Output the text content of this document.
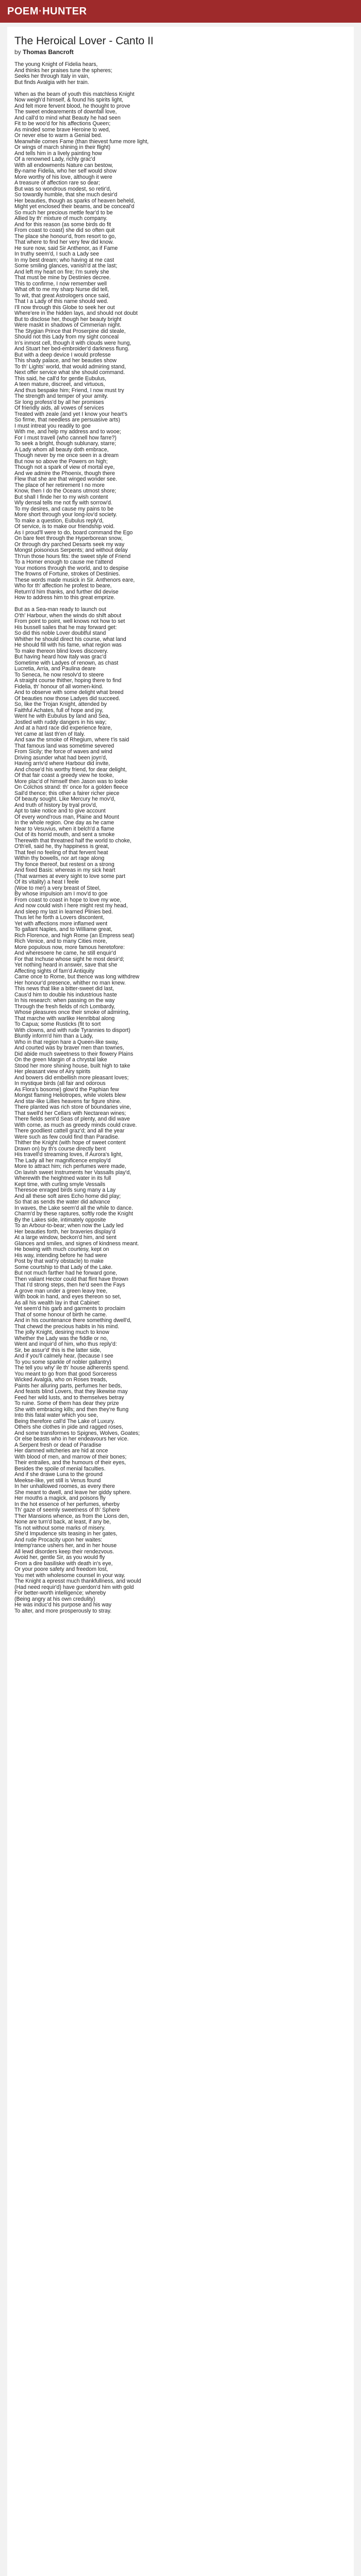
POEM·HUNTER
The Heroical Lover - Canto II

by Thomas Bancroft

The young Knight of Fidelia hears,
And thinks her praises tune the spheres;
Seeks her through Italy in vain,
But finds Avalgia with her train.
When as the beam of youth this matchless Knight
Now weigh'd himself, & found his spirits light,
And felt more fervent blood, he thought to prove
The sweet endearements of downfall love,
And call'd to mind what Beauty he had seen
Fit to be woo'd for his affections Queen;
As minded some brave Heroine to wed,
Or never else to warm a Genial bed.
Meanwhile comes Fame (than thievest fume more light,
Or wings of march shining in their flight)
And tells him in a lively painting how
Of a renowned Lady, richly grac'd
With all endowments Nature can bestow,
By-name Fidelia, who her self would show
More worthy of his love, although it were
A treasure of affection rare so dear;
But was so wondrous modest, so retir'd,
So towardly humble, that she much desir'd
Her beauties, though as sparks of heaven beheld,
Might yet enclosed their beams, and be conceal'd
So much her precious mettle fear'd to be
Allied by th' mixture of much company.
And for this reason (as some birds do fit
From coast to coast) she did so often quit
The place she honour'd, from resort to go,
That where to find her very few did know.
He sure now, said Sir Anthenor, as if Fame
In truthy seem'd, I such a Lady see
In my best dream; who having at me cast
Some smiling glances, vanish'd at the last;
And left my heart on fire; I'm surely she
That must be mine by Destinies decree.
This to confirme, I now remember well
What oft to me my sharp Nurse did tell,
To wit, that great Astrologers once said,
That I a Lady of this name should wed.
I'll now through this Globe to seek her out
Where'ere in the hidden lays, and should not doubt
But to disclose her, though her beauty bright
Were maskt in shadows of Cimmerian night.
The Stygian Prince that Proserpine did steale,
Should not this Lady from my sight conceal
In's inmost cell, though it with clouds were hung,
And Stuart her bed-embroider'd darkness flung.
But with a deep device I would professe
This shady palace, and her beauties show
To th' Lights' world, that would admiring stand,
Next offer service what she should command.
This said, he call'd for gentle Eubulus,
A teen mature, discreet, and virtuous,
And thus bespake him; Friend, I now must try
The strength and temper of your amity.
Sir long profess'd by all her promises
Of friendly aids, all vowes of services
Treated with zeale (and yet I know your heart's
So firme, that needless are persuasive arts)
I must intreat you readily to goe
With me, and help my address and to wooe;
For I must travell (who cannell how farre?)
To seek a bright, though sublunary, starre;
A Lady whom all beauty doth embrace,
Though never by me once seen in a dream
But now so above the Powers on high;
Though not a spark of view of mortal eye,
And we admire the Phoenix, though there
Flew that she are that winged wonder see.
The place of her retirement I no more
Know, then I do the Oceans utmost shore;
But shall I finde her to my wish content
Wly densal tells me not fly with sorrow'd.
To my desires, and cause my pains to be
More short through your long-lov'd society.
To make a question, Eubulus reply'd,
Of service, is to make our friendship void.
As I proud'll were to do, board command the Ego
On bare feet through the Hyperborean snow,
Or through dry parched Desarts seek my way
Mongst poisonous Serpents; and without delay
Th'run those hours fits: the sweet style of Friend
To a Homer enough to cause me t'attend
Your motions through the world, and to despise
The frowns of Fortune, strokes of Destinies.
These words made musick in Sir. Anthenors eare,
Who for th' affection he profest to beare,
Return'd him thanks, and further did devise
How to address him to this great emprize.
But as a Sea-man ready to launch out
O'th' Harbour, when the winds do shift about
From point to point, well knows not how to set
His bussell sailes that he may forward get:
So did this noble Lover doubtful stand
Whither he should direct his course, what land
He should fill with his fame, what region was
To make thereon blind loves discovery.
But having heard how Italy was grac'd
Sometime with Ladyes of renown, as chast
Lucretia, Arria, and Paulina deare
To Seneca, he now resolv'd to steere
A straight course thither, hoping there to find
Fidelia, th' honour of all women-kind.
And to observe with some delight what breed
Of beauties now those Ladyes did succeed.
So, like the Trojan Knight, attended by
Faithful Achates, full of hope and joy,
Went he with Eubulus by land and Sea,
Jostled with ruddy dangers in his way;
And at a hard race did experience feare,
Yet came at last th'en of Italy.
And saw the smoke of Rhegium, where t'is said
That famous land was sometime severed
From Sicily; the force of waves and wind
Driving asunder what had been joyn'd,
Having arriv'd where Harbour did invite,
And chose'd his worthy friend, for dear delight,
Of that fair coast a greedy view he tooke,
More plac'd of himself then Jason was to looke
On Colchos strand: th' once for a golden fleece
Sail'd thence; this other a fairer richer piece
Of beauty sought. Like Mercury he mov'd,
And truth of history by tryal prov'd,
Apt to take notice and to give account
Of every wond'rous man, Plaine and Mount
In the whole region. One day as he came
Near to Vesuvius, when it belch'd a flame
Out of its horrid mouth, and sent a smoke
Therewith that threatned half the world to choke,
O'th'ell, said he, thy happiness is great,
That feel no feeling of that fervent heat
Within thy bowells, nor art rage along
Thy fonce thereof, but restest on a strong
And fixed Basis: whereas in my sick heart
(That warmes at every sight to love some part
Of its vitality) a heat I feele
(Woe to me!) a very breast of Steel,
By whose impulsion am I mov'd to goe
From coast to coast in hope to love my woe,
And now could wish I here might rest my head,
And sleep my last in learned Plinies bed.
Thus let he forth a Lovers discontent,
Yet with affections more inflamed went
To gallant Naples, and to Williame great,
Rich Florence, and high Rome (an Empress seat)
Rich Venice, and to many Cities more,
More populous now, more famous heretofore:
And wheresoere he came, he still enquir'd
For that Inchuse whose sight he most desir'd;
Yet nothing heard in answer, save that she
Affecting sights of fam'd Antiquity
Came once to Rome, but thence was long withdrew
Her honour'd presence, whither no man knew.
This news that like a bitter-sweet did last,
Caus'd him to double his industrious haste
In his research: when passing on the way
Through the fresh fields of rich Lombardy,
Whose pleasures once their smoke of admiring,
That marche with warlike Henribbal along
To Capua; some Rusticks (fit to sort
With clowns, and with rude Tyrannies to disport)
Bluntly inform'd him than a Lady,
Who in that region hare a Queen-like sway,
And courted was by braver men than townes,
Did abide much sweetness to their flowery Plains
On the green Margin of a chrystal lake
Stood her more shining house, built high to take
Her pleasant view of Airy spirits
And bowers did embellish more pleasant loves;
In mystique birds (all fair and odorous
As Flora's bosome) glow'd the Paphian few
Mongst flaming Heliotropes, while violets blew
And star-like Lillies heavens far figure shine.
There planted was rich store of boundaries vine,
That swell'd her Cellars with Nectarean wines;
There fields sent'd Seas of plenty, and did wave
With corne, as much as greedy minds could crave.
There goodliest cattell graz'd; and all the year
Were such as few could find than Paradise.
Thither the Knight (with hope of sweet content
Drawn on) by th's course directly bent
His travell'd streaming loves, if Aurora's light,
The Lady all her magnificence employ'd
More to attract him; rich perfumes were made,
On lavish sweet Instruments her Vassalls play'd,
Wherewith the heightned water in its full
Kept time, with curling smyle Vessails
Theresoe enraged birds sung many a Lay
And all these soft aires Echo home did play;
So that as sends the water did advance
In waves, the Lake seem'd all the while to dance.
Charm'd by these raptures, softly rode the Knight
By the Lakes side, intimately opposite
To an Arbour-to-bear; when now the Lady led
Her beauties forth, her braveries display'd
At a large window, beckon'd him, and sent
Glances and smiles, and signes of kindness meant.
He bowing with much courtesy, kept on
His way, intending before he had were
Post by that wat'ry obstacle) to make
Some courtship to that Lady of the Lake.
But not much farther had he forward gone,
Then valiant Hector could that flint have thrown
That I'd strong steps, then he'd seen the Fays
A grove man under a green leavy tree,
With book in hand, and eyes thereon so set,
As all his wealth lay in that Cabinet:
Yet seem'd his garb and garments to proclaim
That of some honour of birth he came.
And in his countenance there something dwell'd,
That chewd the precious habits in his mind.
The jolly Knight, desiring much to know
Whether the Lady was the fiddle or no,
Went and inquir'd of him, who thus reply'd:
Sir, be assur'd' this is the latter side,
And if you'll calmely hear, (because I see
To you some sparkle of nobler gallantry)
The tell you why' ile th' house adherents spend.
You meant to go from that good Sorceress
Wicked Avalgia, who on Roses treads,
Paints her alluring parts, perfumes her beds,
And feasts blind Lovers, that they likewise may
Feed her wild lusts, and to themselves betray
To ruine. Some of them has dear they prize
She with embracing kills; and then they're flung
Into this fatal water which you see,
Being therefore call'd The Lake of Luxury.
Others she clothes in pide and ragged roses,
And some transformes to Spignes, Wolves, Goates;
Or else beasts who in her endeavours her vice.
A Serpent fresh or dead of Paradise
Her damned witcheries are hid at once
With blood of men, and marrow of their bones;
Their entrailes, and the humours of their eyes,
Besides the spoile of menial faculties.
And if she drawe Luna to the ground
Meekse-like, yet still is Venus found
In her unhallowed roomes, as every there
She meant to dwell, and leave her giddy sphere.
Her mouths a magick, and poisons fly
In the hot essence of her perfumes, wherby
Th' gaze of seemly sweetness of th' Sphere
T'her Mansions whence, as from the Lions den,
None are turn'd back, at least, if any be,
Tis not without some marks of misery.
She'd Impudence sits teasing in her gates,
And rude Procacity upon her waites:
Intemp'rance ushers her, and in her house
All lewd disorders keep their rendezvous.
Avoid her, gentle Sir, as you would fly
From a dire basiliske with death in's eye,
Or your poore safety and freedom lost,
You met with wholesome counsel in your way.
The Knight a epresst much thankfullness, and would
(Had need requir'd) have guerdon'd him with gold
For better-worth intelligence; whereby
(Being angry at his own credulity)
He was induc'd his purpose and his way
To alter, and more prosperously to stray.
